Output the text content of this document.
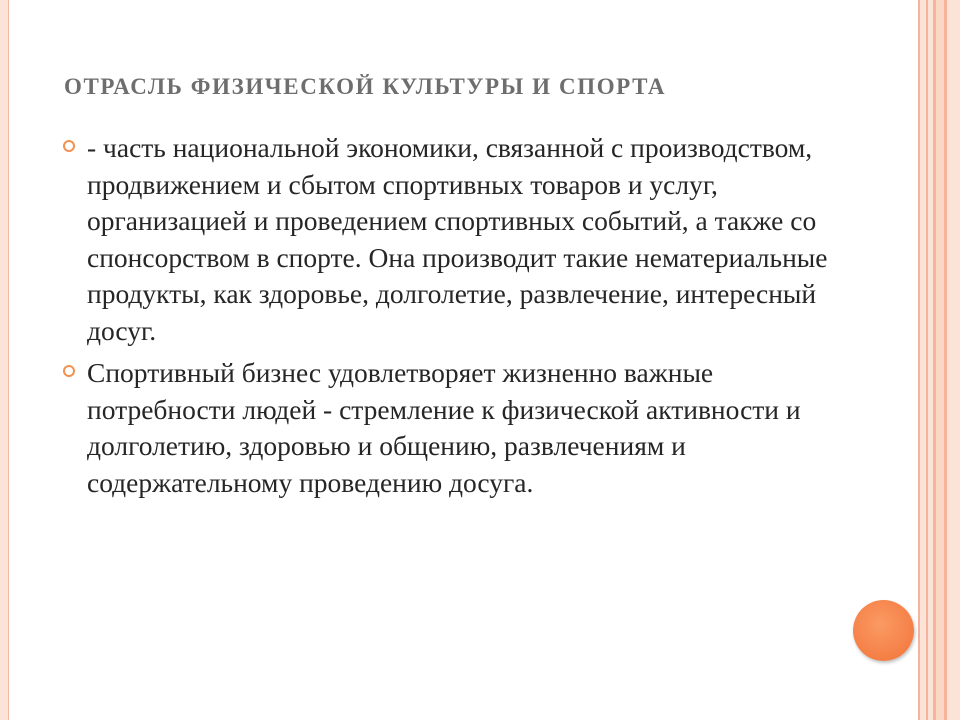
ОТРАСЛЬ ФИЗИЧЕСКОЙ КУЛЬТУРЫ И СПОРТА
- часть национальной экономики, связанной с производством, продвижением и сбытом спортивных товаров и услуг, организацией и проведением спортивных событий, а также со спонсорством в спорте. Она производит такие нематериальные продукты, как здоровье, долголетие, развлечение, интересный досуг.
Спортивный бизнес удовлетворяет жизненно важные потребности людей - стремление к физической активности и долголетию, здоровью и общению, развлечениям и содержательному проведению досуга.
